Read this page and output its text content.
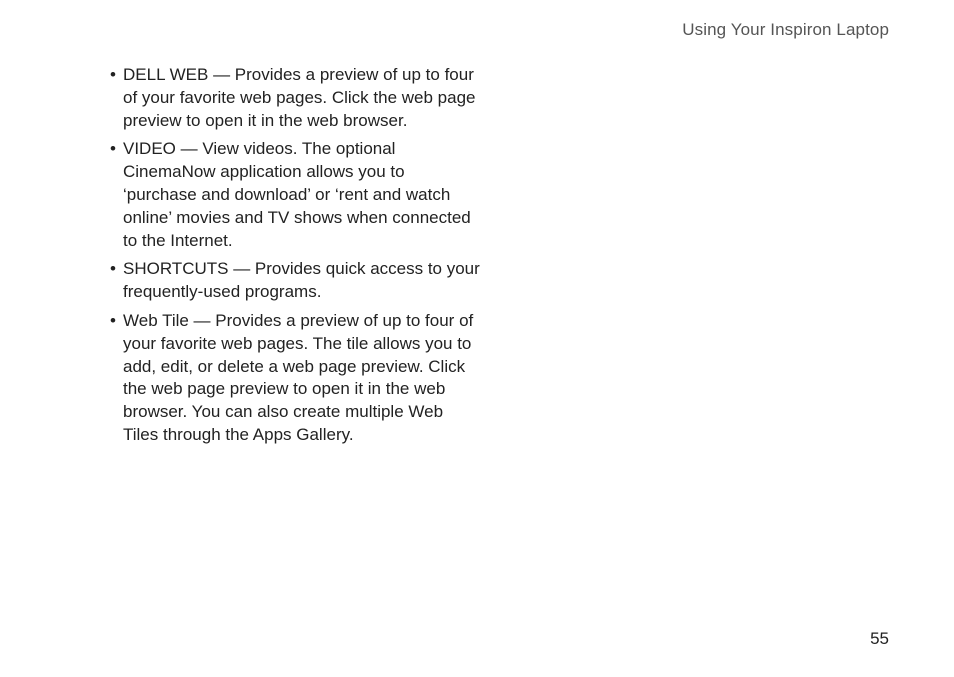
Using Your Inspiron Laptop
• DELL WEB — Provides a preview of up to four of your favorite web pages. Click the web page preview to open it in the web browser.
• VIDEO — View videos. The optional CinemaNow application allows you to ‘purchase and download’ or ‘rent and watch online’ movies and TV shows when connected to the Internet.
• SHORTCUTS — Provides quick access to your frequently-used programs.
• Web Tile — Provides a preview of up to four of your favorite web pages. The tile allows you to add, edit, or delete a web page preview. Click the web page preview to open it in the web browser. You can also create multiple Web Tiles through the Apps Gallery.
55
